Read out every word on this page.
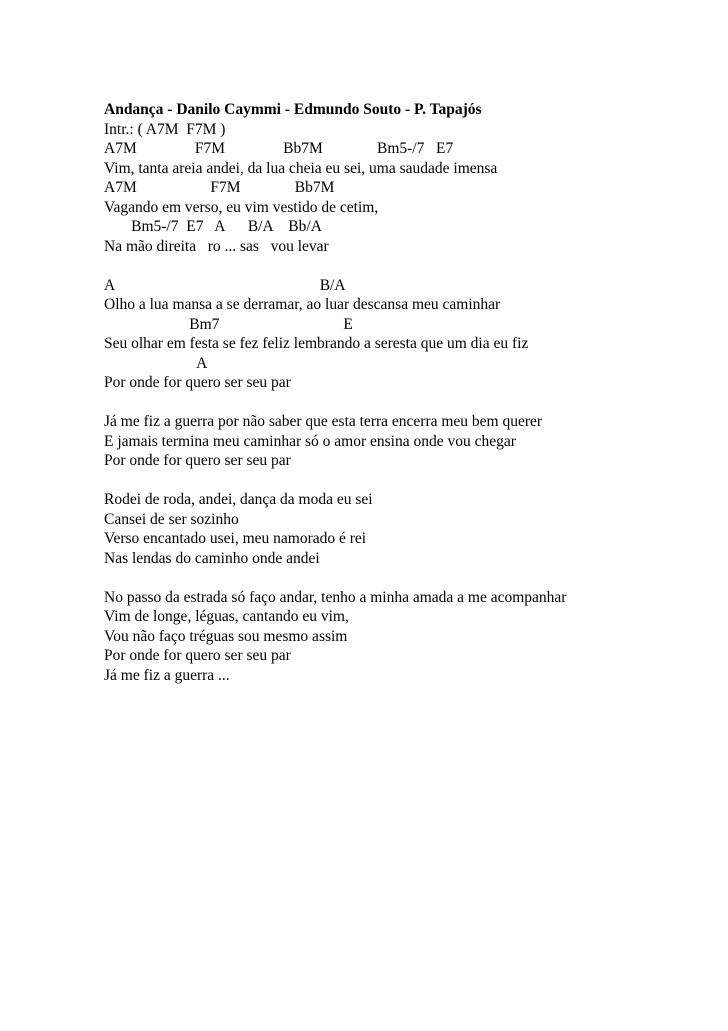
Andança - Danilo Caymmi - Edmundo Souto - P. Tapajós
Intr.: ( A7M  F7M )
A7M               F7M               Bb7M              Bm5-/7   E7
Vim, tanta areia andei, da lua cheia eu sei, uma saudade imensa
A7M                   F7M              Bb7M
Vagando em verso, eu vim vestido de cetim,
Bm5-/7  E7   A      B/A    Bb/A
Na mão direita   ro ... sas   vou levar
A                                                     B/A
Olho a lua mansa a se derramar, ao luar descansa meu caminhar
Bm7                                E
Seu olhar em festa se fez feliz lembrando a seresta que um dia eu fiz
A
Por onde for quero ser seu par
Já me fiz a guerra por não saber que esta terra encerra meu bem querer
E jamais termina meu caminhar só o amor ensina onde vou chegar
Por onde for quero ser seu par
Rodei de roda, andei, dança da moda eu sei
Cansei de ser sozinho
Verso encantado usei, meu namorado é rei
Nas lendas do caminho onde andei
No passo da estrada só faço andar, tenho a minha amada a me acompanhar
Vim de longe, léguas, cantando eu vim,
Vou não faço tréguas sou mesmo assim
Por onde for quero ser seu par
Já me fiz a guerra ...
